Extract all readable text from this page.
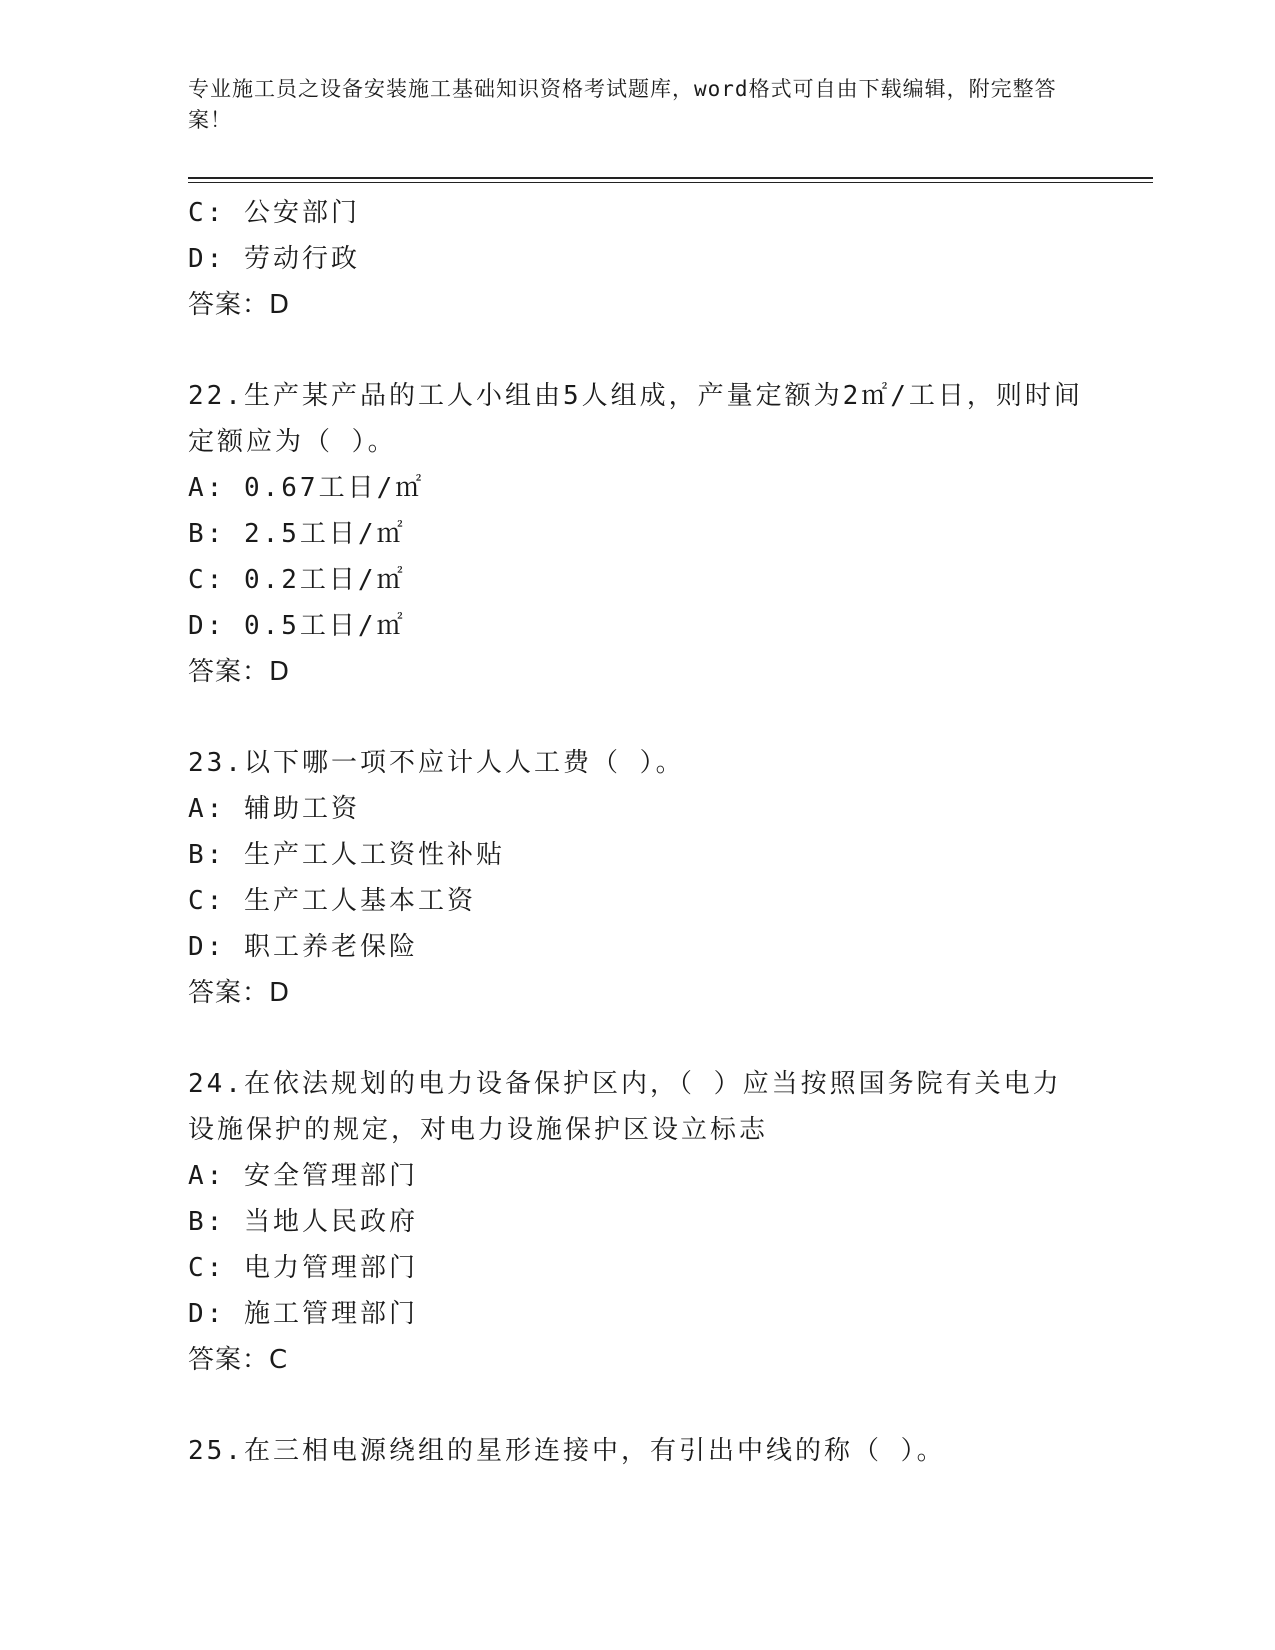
专业施工员之设备安装施工基础知识资格考试题库，word格式可自由下载编辑，附完整答案！
C: 公安部门
D: 劳动行政
答案：D
22.生产某产品的工人小组由5人组成，产量定额为2㎡/工日，则时间
定额应为（ ）。
A: 0.67工日/㎡
B: 2.5工日/㎡
C: 0.2工日/㎡
D: 0.5工日/㎡
答案：D
23.以下哪一项不应计人人工费（ ）。
A: 辅助工资
B: 生产工人工资性补贴
C: 生产工人基本工资
D: 职工养老保险
答案：D
24.在依法规划的电力设备保护区内，（ ）应当按照国务院有关电力
设施保护的规定，对电力设施保护区设立标志
A: 安全管理部门
B: 当地人民政府
C: 电力管理部门
D: 施工管理部门
答案：C
25.在三相电源绕组的星形连接中，有引出中线的称（ ）。
